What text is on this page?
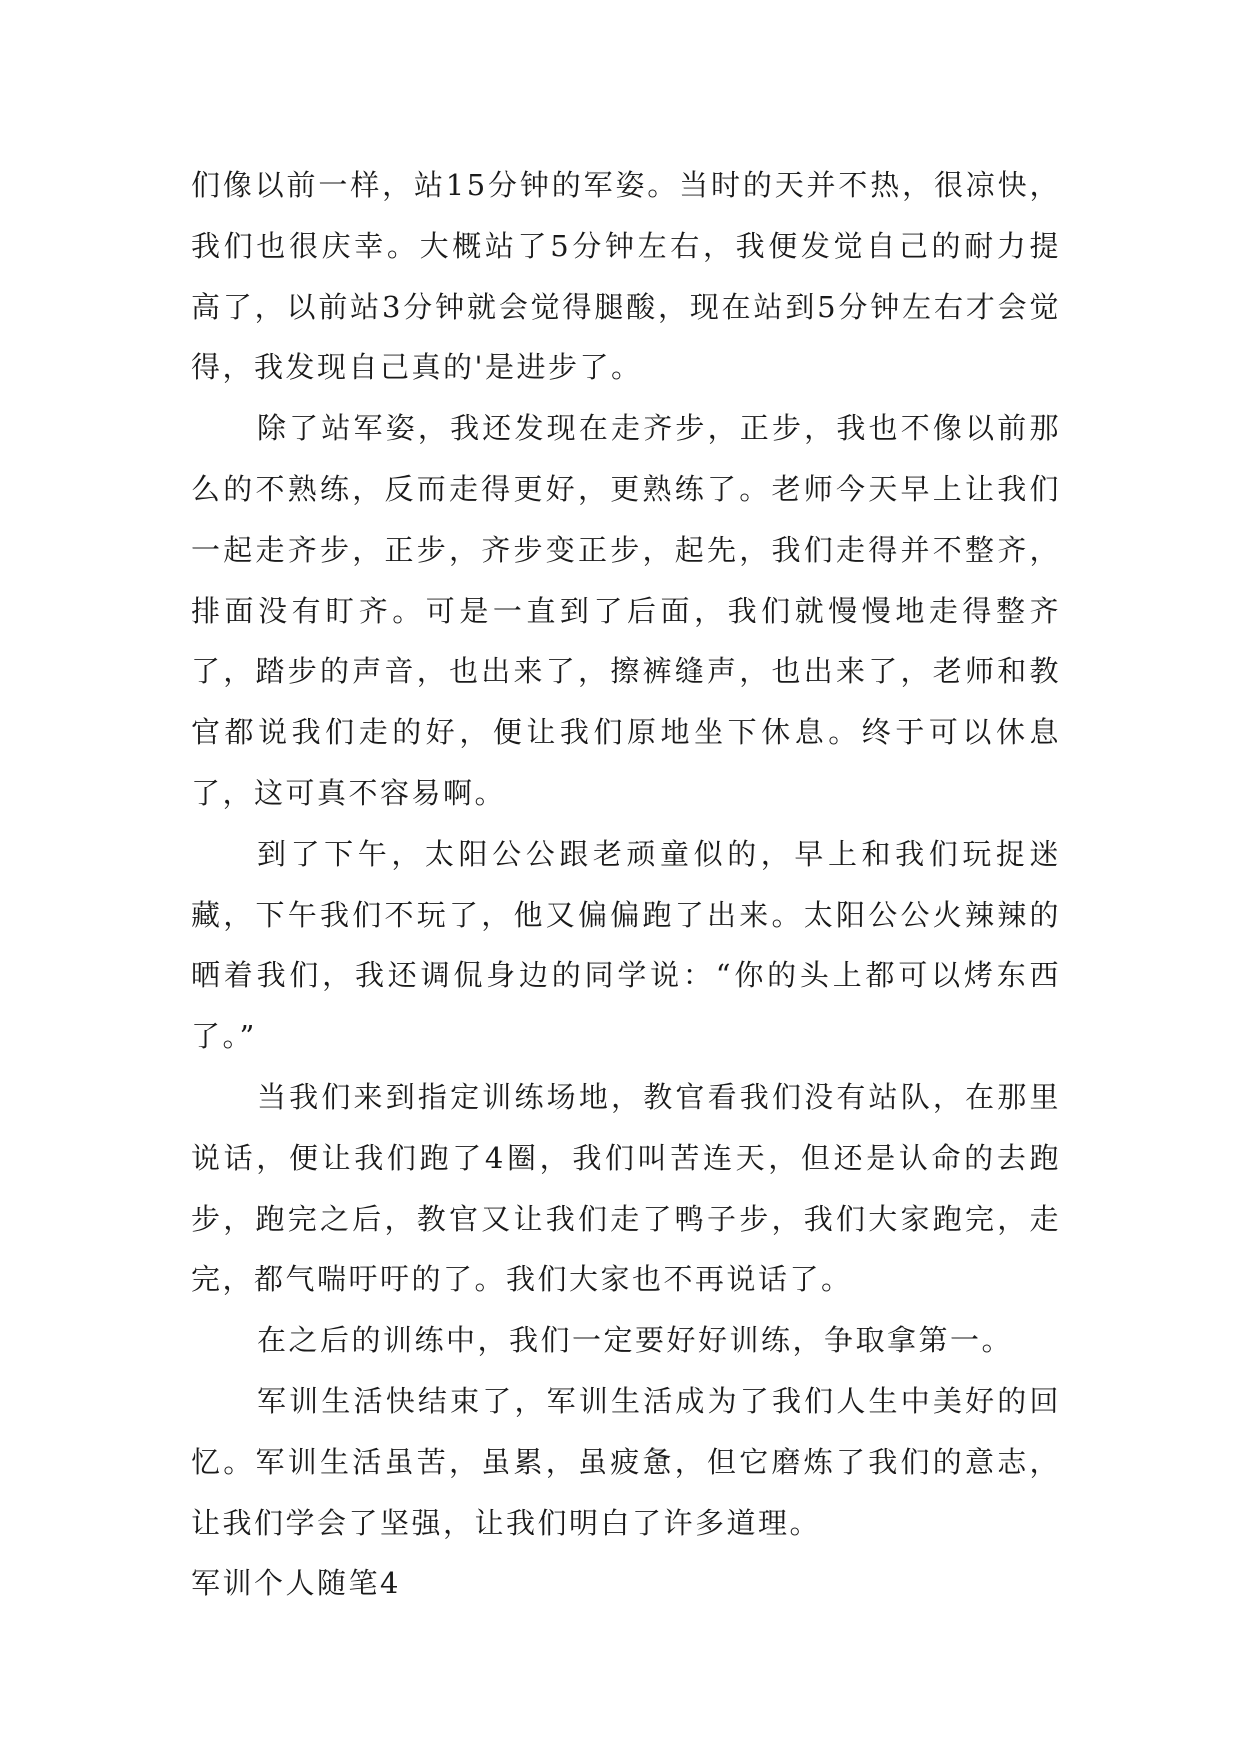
们像以前一样，站15分钟的军姿。当时的天并不热，很凉快，我们也很庆幸。大概站了5分钟左右，我便发觉自己的耐力提高了，以前站3分钟就会觉得腿酸，现在站到5分钟左右才会觉得，我发现自己真的'是进步了。

除了站军姿，我还发现在走齐步，正步，我也不像以前那么的不熟练，反而走得更好，更熟练了。老师今天早上让我们一起走齐步，正步，齐步变正步，起先，我们走得并不整齐，排面没有盯齐。可是一直到了后面，我们就慢慢地走得整齐了，踏步的声音，也出来了，擦裤缝声，也出来了，老师和教官都说我们走的好，便让我们原地坐下休息。终于可以休息了，这可真不容易啊。

到了下午，太阳公公跟老顽童似的，早上和我们玩捉迷藏，下午我们不玩了，他又偏偏跑了出来。太阳公公火辣辣的晒着我们，我还调侃身边的同学说：“你的头上都可以烤东西了。”

当我们来到指定训练场地，教官看我们没有站队，在那里说话，便让我们跑了4圈，我们叫苦连天，但还是认命的去跑步，跑完之后，教官又让我们走了鸭子步，我们大家跑完，走完，都气喘吁吁的了。我们大家也不再说话了。

在之后的训练中，我们一定要好好训练，争取拿第一。

军训生活快结束了，军训生活成为了我们人生中美好的回忆。军训生活虽苦，虽累，虽疲惫，但它磨炼了我们的意志，让我们学会了坚强，让我们明白了许多道理。

军训个人随笔4
